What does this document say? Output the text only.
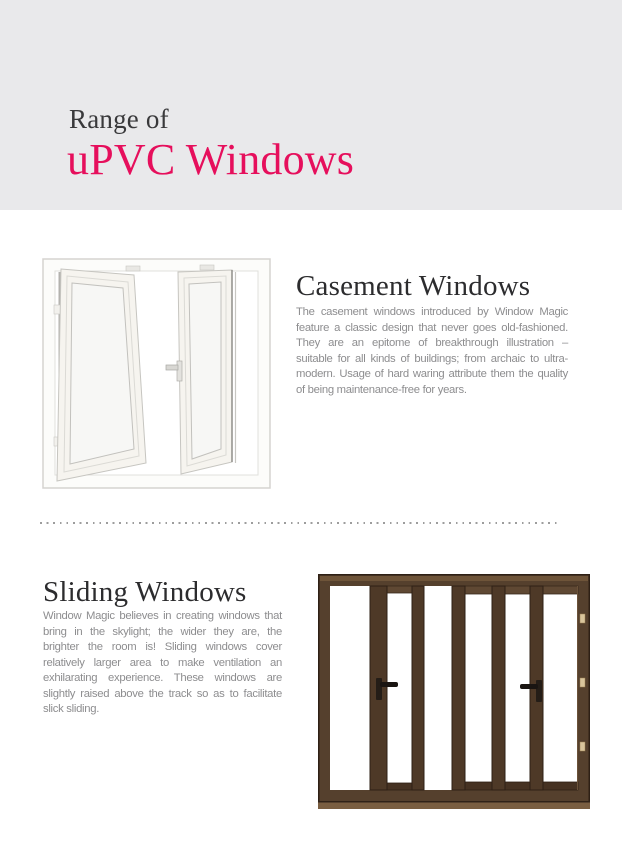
Range of
uPVC Windows
Casement Windows
The casement windows introduced by Window Magic feature a classic design that never goes old-fashioned. They are an epitome of breakthrough illustration – suitable for all kinds of buildings; from archaic to ultra-modern. Usage of hard waring attribute them the quality of being maintenance-free for years.
Sliding Windows
Window Magic believes in creating windows that bring in the skylight; the wider they are, the brighter the room is! Sliding windows cover relatively larger area to make ventilation an exhilarating experience. These windows are slightly raised above the track so as to facilitate slick sliding.
